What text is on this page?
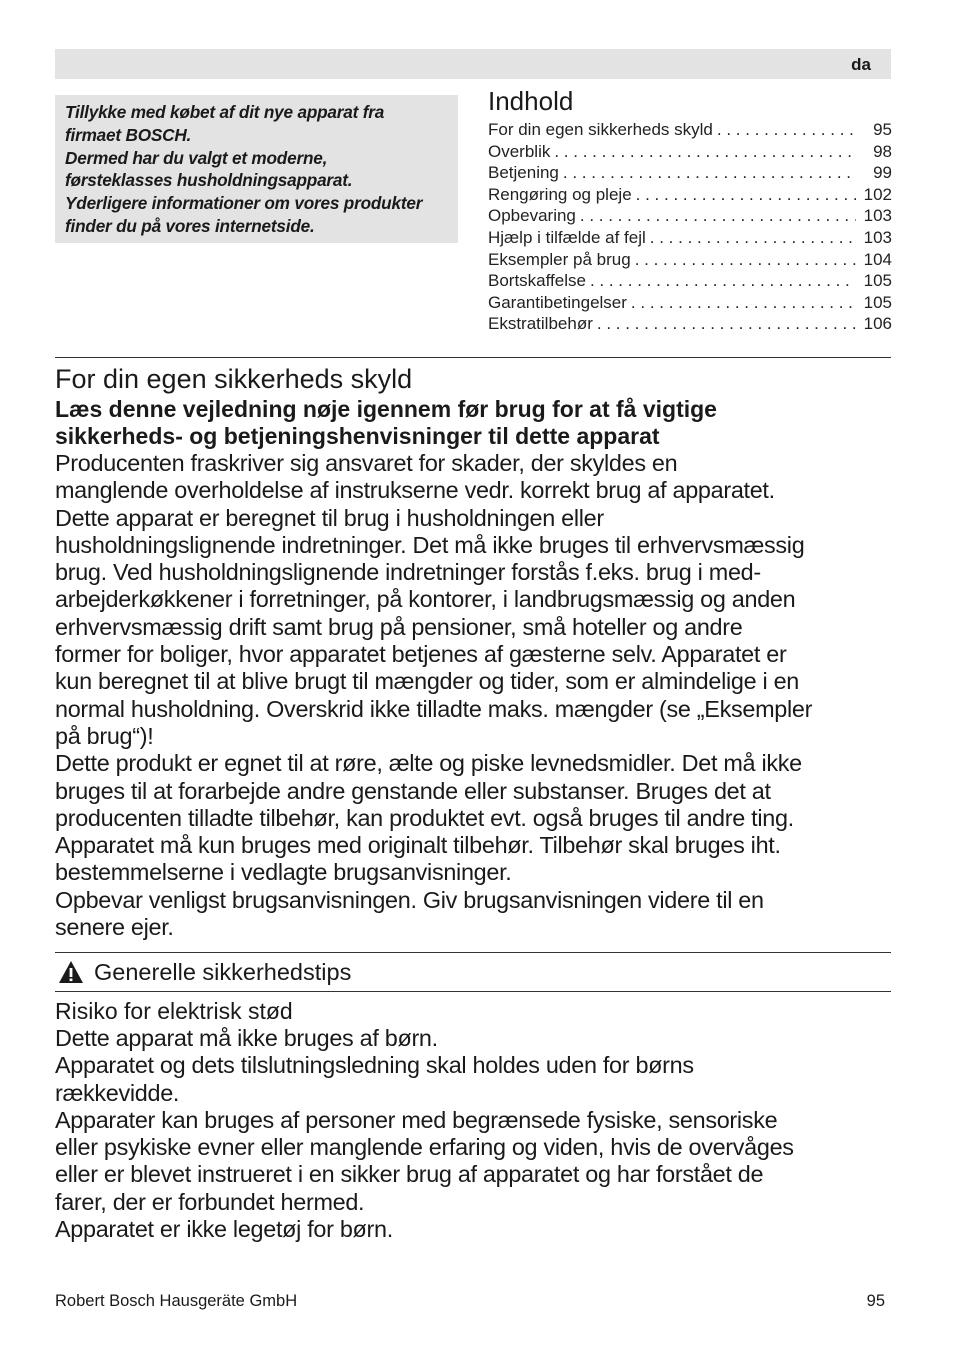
da

Tillykke med købet af dit nye apparat fra

firmaet BOSCH.

Dermed har du valgt et moderne,

førsteklasses husholdningsapparat.

Yderligere informationer om vores produkter

finder du på vores internetside.

Indhold
For din egen sikkerheds skyld . . .	95
Overblik . . .	98
Betjening . . .	99
Rengøring og pleje . . .	102
Opbevaring . . .	103
Hjælp i tilfælde af fejl . . .	103
Eksempler på brug . . .	104
Bortskaffelse . . .	105
Garantibetingelser . . .	105
Ekstratilbehør . . .	106
For din egen sikkerheds skyld
Læs denne vejledning nøje igennem før brug for at få vigtige
sikkerheds- og betjeningshenvisninger til dette apparat

Producenten fraskriver sig ansvaret for skader, der skyldes en

manglende overholdelse af instrukserne vedr. korrekt brug af apparatet.

Dette apparat er beregnet til brug i husholdningen eller

husholdningslignende indretninger. Det må ikke bruges til erhvervsmæssig

brug. Ved husholdningslignende indretninger forstås f.eks. brug i med-

arbejderkøkkener i forretninger, på kontorer, i landbrugsmæssig og anden

erhvervsmæssig drift samt brug på pensioner, små hoteller og andre

former for boliger, hvor apparatet betjenes af gæsterne selv. Apparatet er

kun beregnet til at blive brugt til mængder og tider, som er almindelige i en

normal husholdning. Overskrid ikke tilladte maks. mængder (se „Eksempler

på brug“)!

Dette produkt er egnet til at røre, ælte og piske levnedsmidler. Det må ikke

bruges til at forarbejde andre genstande eller substanser. Bruges det at

producenten tilladte tilbehør, kan produktet evt. også bruges til andre ting.

Apparatet må kun bruges med originalt tilbehør. Tilbehør skal bruges iht.

bestemmelserne i vedlagte brugsanvisninger.

Opbevar venligst brugsanvisningen. Giv brugsanvisningen videre til en

senere ejer.

Generelle sikkerhedstips
Risiko for elektrisk stød

Dette apparat må ikke bruges af børn.

Apparatet og dets tilslutningsledning skal holdes uden for børns

rækkevidde.

Apparater kan bruges af personer med begrænsede fysiske, sensoriske

eller psykiske evner eller manglende erfaring og viden, hvis de overvåges

eller er blevet instrueret i en sikker brug af apparatet og har forstået de

farer, der er forbundet hermed.

Apparatet er ikke legetøj for børn.

Robert Bosch Hausgeräte GmbH	95
